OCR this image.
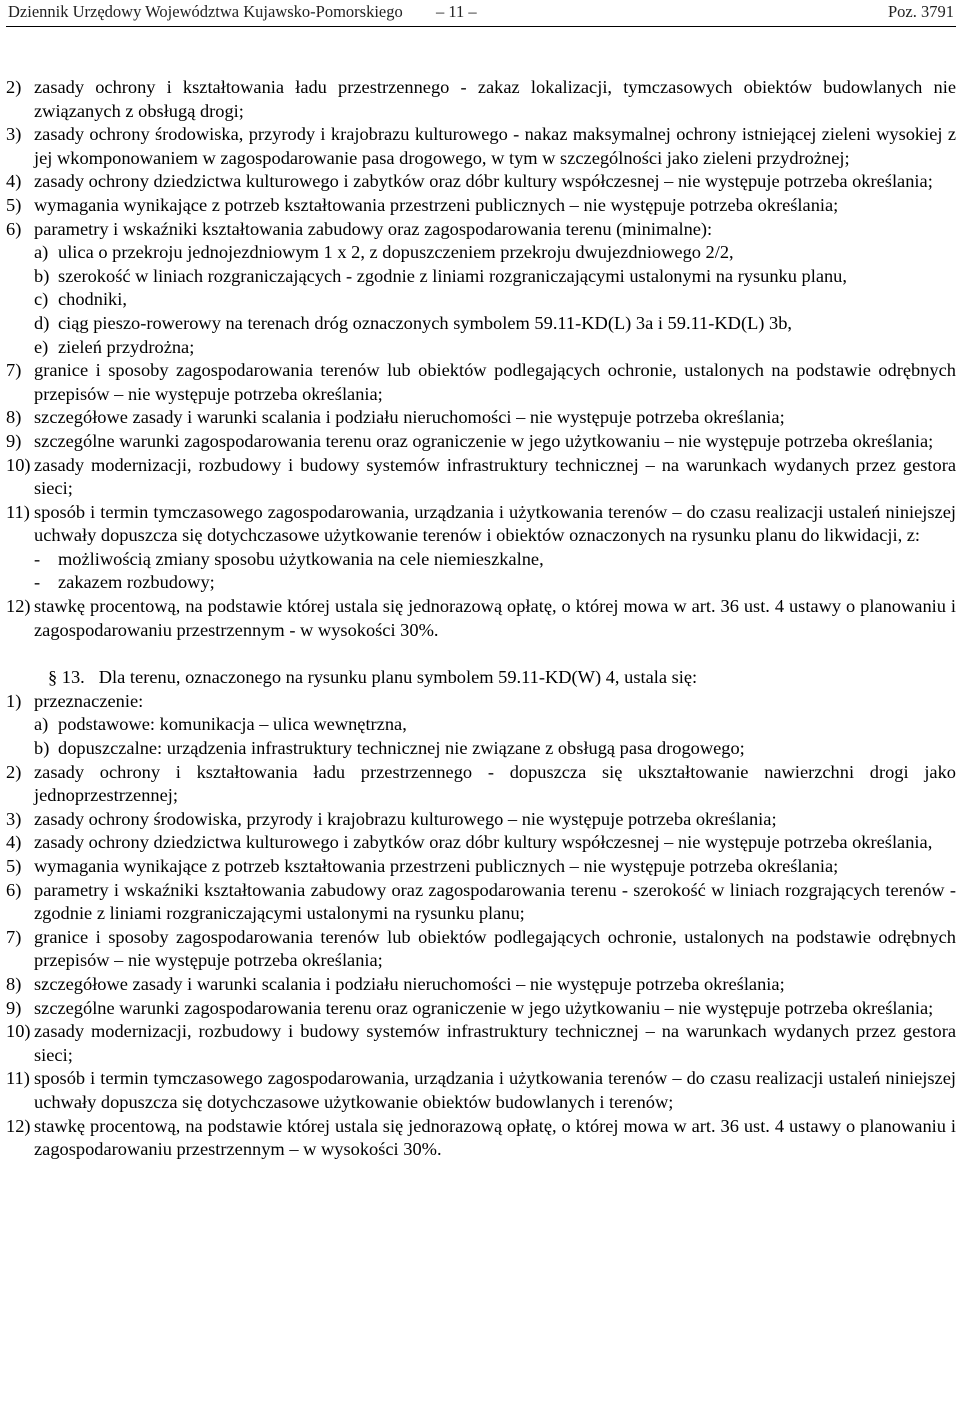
Dziennik Urzędowy Województwa Kujawsko-Pomorskiego – 11 –	Poz. 3791
2) zasady ochrony i kształtowania ładu przestrzennego - zakaz lokalizacji, tymczasowych obiektów budowlanych nie związanych z obsługą drogi;
3) zasady ochrony środowiska, przyrody i krajobrazu kulturowego - nakaz maksymalnej ochrony istniejącej zieleni wysokiej z jej wkomponowaniem w zagospodarowanie pasa drogowego, w tym w szczególności jako zieleni przydrożnej;
4) zasady ochrony dziedzictwa kulturowego i zabytków oraz dóbr kultury współczesnej – nie występuje potrzeba określania;
5) wymagania wynikające z potrzeb kształtowania przestrzeni publicznych – nie występuje potrzeba określania;
6) parametry i wskaźniki kształtowania zabudowy oraz zagospodarowania terenu (minimalne):
a) ulica o przekroju jednojezdniowym 1 x 2, z dopuszczeniem przekroju dwujezdniowego 2/2,
b) szerokość w liniach rozgraniczających - zgodnie z liniami rozgraniczającymi ustalonymi na rysunku planu,
c) chodniki,
d) ciąg pieszo-rowerowy na terenach dróg oznaczonych symbolem 59.11-KD(L) 3a i 59.11-KD(L) 3b,
e) zieleń przydrożna;
7) granice i sposoby zagospodarowania terenów lub obiektów podlegających ochronie, ustalonych na podstawie odrębnych przepisów – nie występuje potrzeba określania;
8) szczegółowe zasady i warunki scalania i podziału nieruchomości – nie występuje potrzeba określania;
9) szczególne warunki zagospodarowania terenu oraz ograniczenie w jego użytkowaniu – nie występuje potrzeba określania;
10) zasady modernizacji, rozbudowy i budowy systemów infrastruktury technicznej – na warunkach wydanych przez gestora sieci;
11) sposób i termin tymczasowego zagospodarowania, urządzania i użytkowania terenów – do czasu realizacji ustaleń niniejszej uchwały dopuszcza się dotychczasowe użytkowanie terenów i obiektów oznaczonych na rysunku planu do likwidacji, z:
- możliwością zmiany sposobu użytkowania na cele niemieszkalne,
- zakazem rozbudowy;
12) stawkę procentową, na podstawie której ustala się jednorazową opłatę, o której mowa w art. 36 ust. 4 ustawy o planowaniu i zagospodarowaniu przestrzennym - w wysokości 30%.
§ 13. Dla terenu, oznaczonego na rysunku planu symbolem 59.11-KD(W) 4, ustala się:
1) przeznaczenie:
a) podstawowe: komunikacja – ulica wewnętrzna,
b) dopuszczalne: urządzenia infrastruktury technicznej nie związane z obsługą pasa drogowego;
2) zasady ochrony i kształtowania ładu przestrzennego - dopuszcza się ukształtowanie nawierzchni drogi jako jednoprzestrzennej;
3) zasady ochrony środowiska, przyrody i krajobrazu kulturowego – nie występuje potrzeba określania;
4) zasady ochrony dziedzictwa kulturowego i zabytków oraz dóbr kultury współczesnej – nie występuje potrzeba określania,
5) wymagania wynikające z potrzeb kształtowania przestrzeni publicznych – nie występuje potrzeba określania;
6) parametry i wskaźniki kształtowania zabudowy oraz zagospodarowania terenu - szerokość w liniach rozgrających terenów - zgodnie z liniami rozgraniczającymi ustalonymi na rysunku planu;
7) granice i sposoby zagospodarowania terenów lub obiektów podlegających ochronie, ustalonych na podstawie odrębnych przepisów – nie występuje potrzeba określania;
8) szczegółowe zasady i warunki scalania i podziału nieruchomości – nie występuje potrzeba określania;
9) szczególne warunki zagospodarowania terenu oraz ograniczenie w jego użytkowaniu – nie występuje potrzeba określania;
10) zasady modernizacji, rozbudowy i budowy systemów infrastruktury technicznej – na warunkach wydanych przez gestora sieci;
11) sposób i termin tymczasowego zagospodarowania, urządzania i użytkowania terenów – do czasu realizacji ustaleń niniejszej uchwały dopuszcza się dotychczasowe użytkowanie obiektów budowlanych i terenów;
12) stawkę procentową, na podstawie której ustala się jednorazową opłatę, o której mowa w art. 36 ust. 4 ustawy o planowaniu i zagospodarowaniu przestrzennym – w wysokości 30%.
